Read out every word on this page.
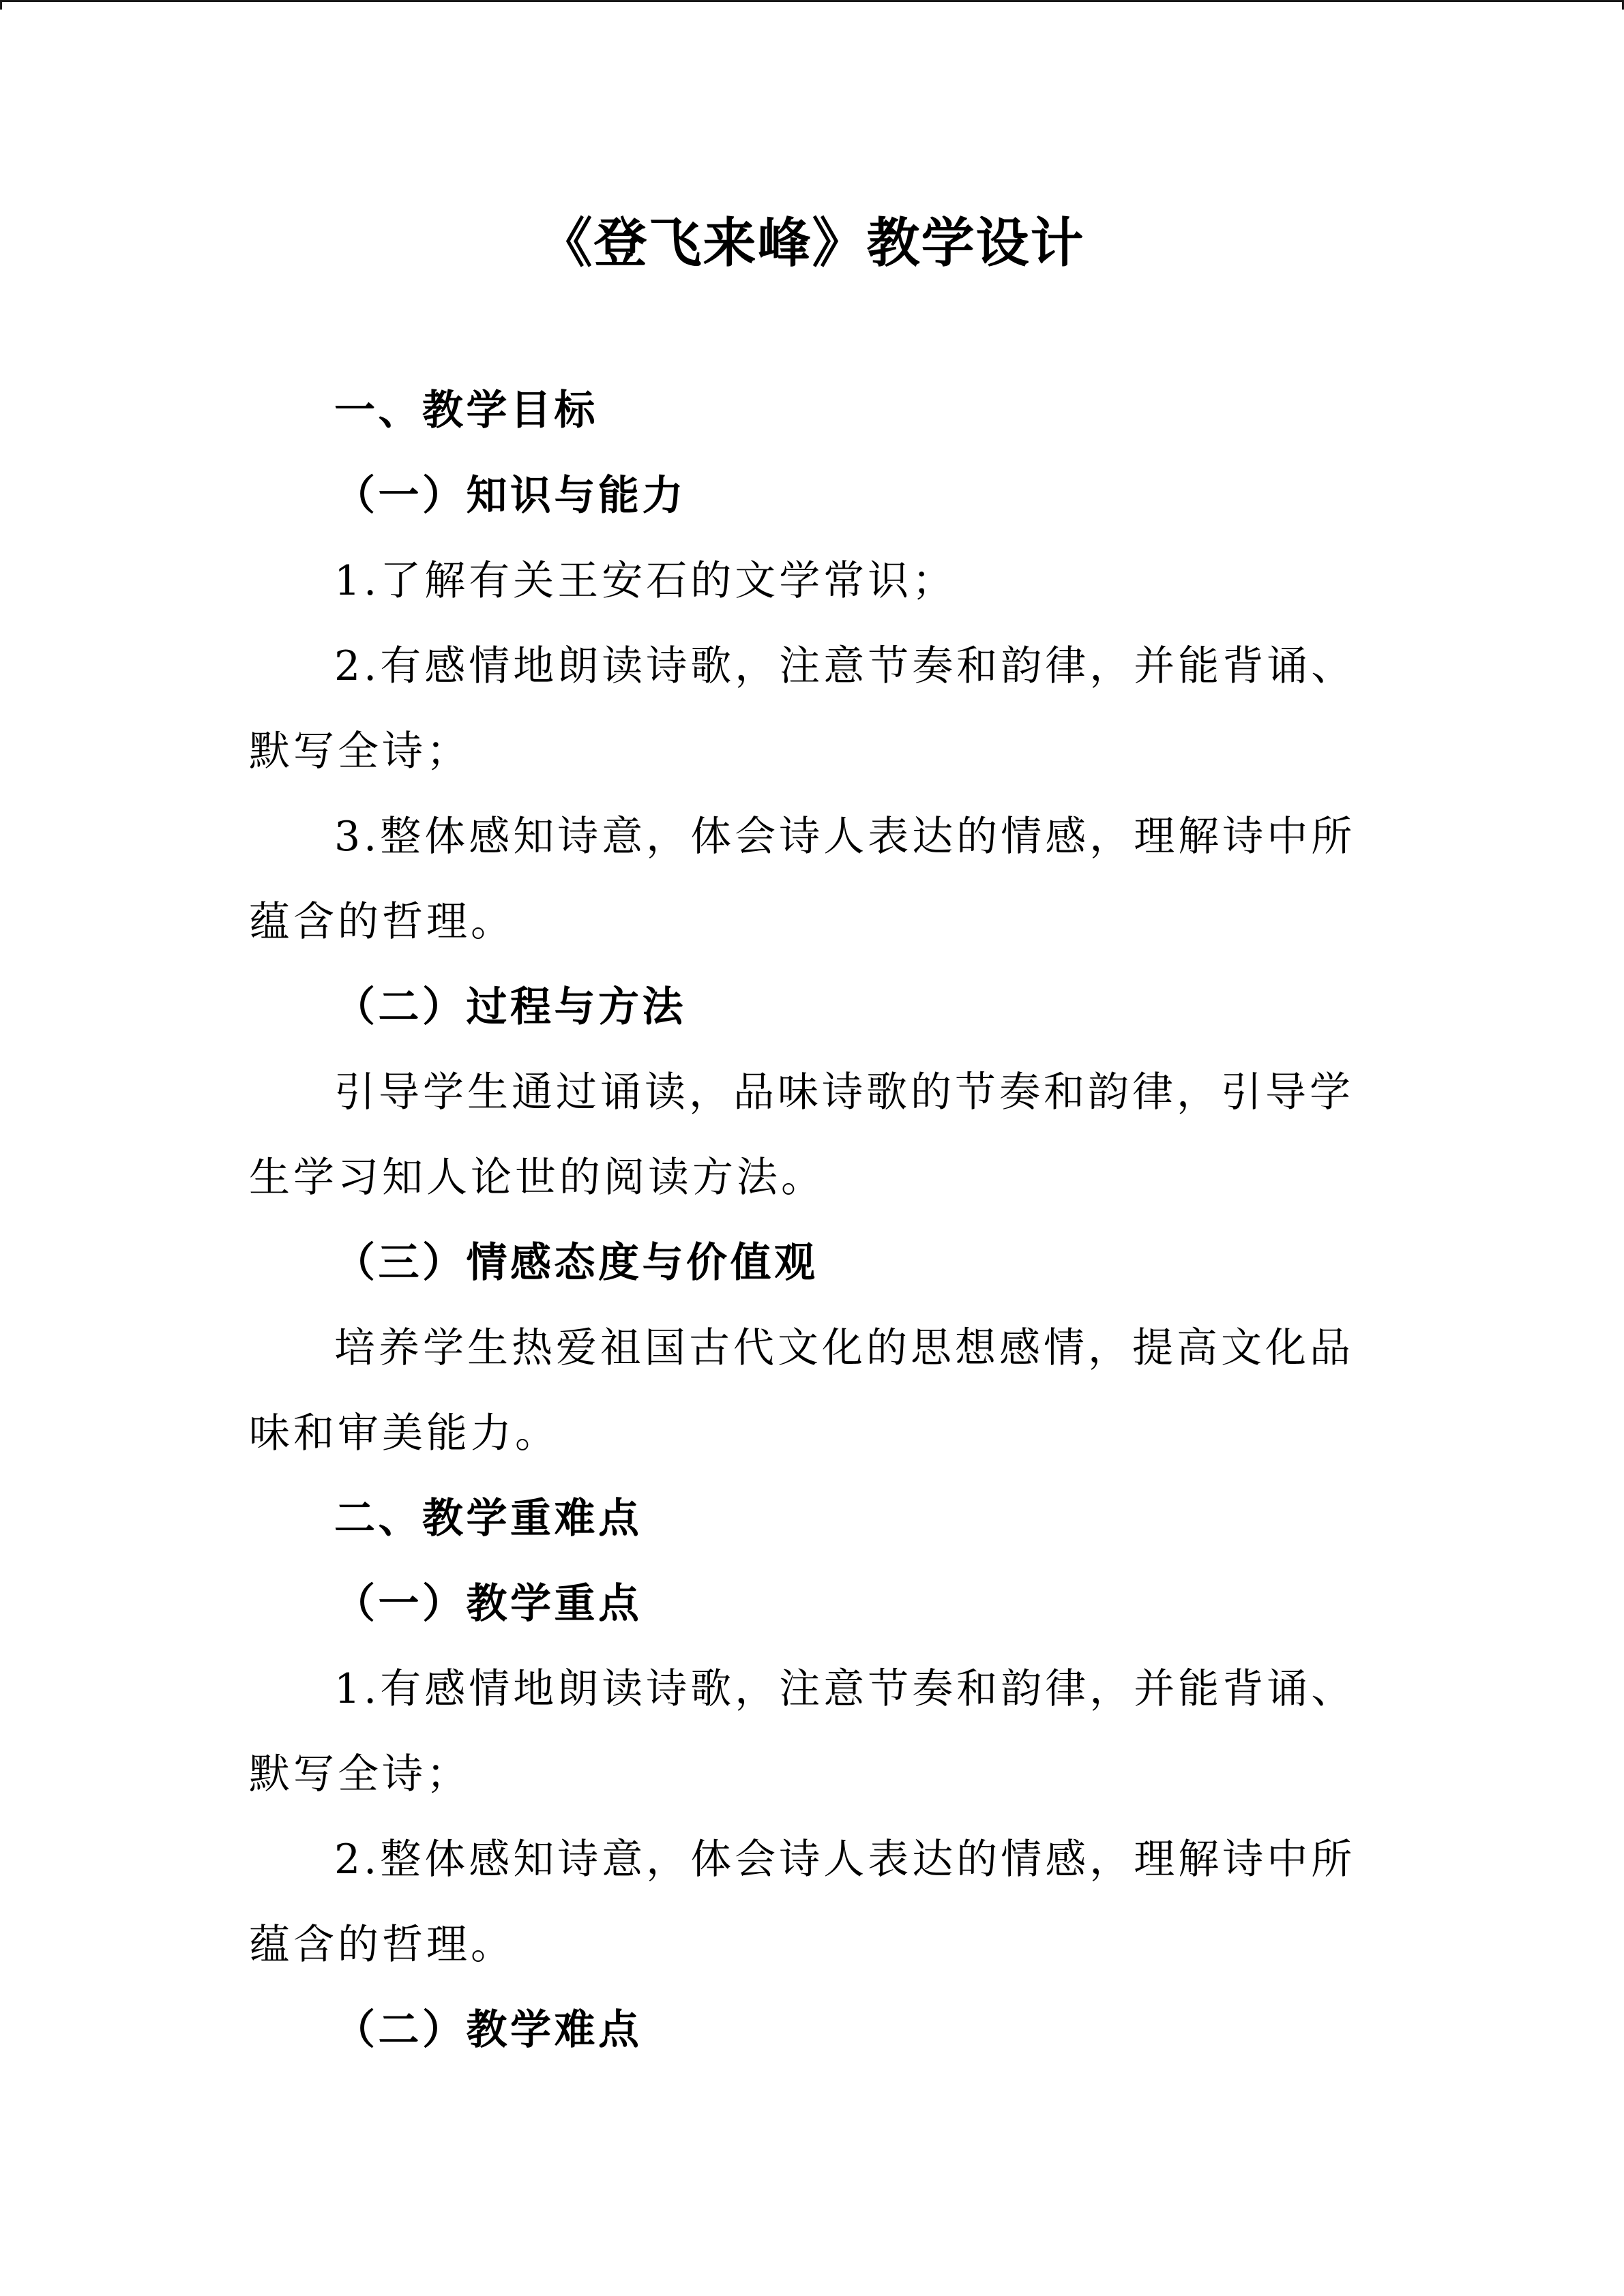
《登飞来峰》教学设计
一、教学目标
（一）知识与能力
1.了解有关王安石的文学常识；
2.有感情地朗读诗歌，注意节奏和韵律，并能背诵、
默写全诗；
3.整体感知诗意，体会诗人表达的情感，理解诗中所
蕴含的哲理。
（二）过程与方法
引导学生通过诵读，品味诗歌的节奏和韵律，引导学
生学习知人论世的阅读方法。
（三）情感态度与价值观
培养学生热爱祖国古代文化的思想感情，提高文化品
味和审美能力。
二、教学重难点
（一）教学重点
1.有感情地朗读诗歌，注意节奏和韵律，并能背诵、
默写全诗；
2.整体感知诗意，体会诗人表达的情感，理解诗中所
蕴含的哲理。
（二）教学难点
